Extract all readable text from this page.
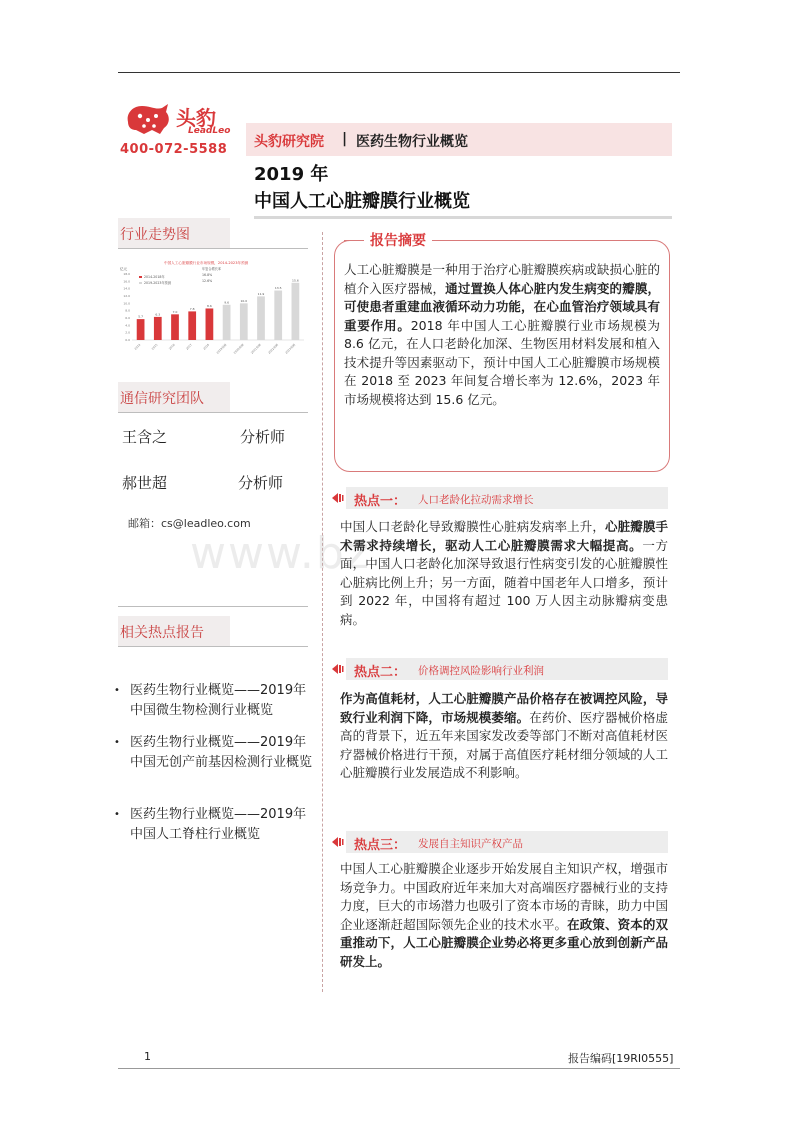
头豹
LeadLeo
400-072-5588 头豹研究院 | 医药生物行业概览
2019 年
中国人工心脏瓣膜行业概览
行业走势图
中国人工心脏瓣膜行业市场规模，2014-2023年预测
亿元
2014-2018年
2019-2023年预测
年复合增长率
16.8%
12.6%
0.0
2.0
4.0
6.0
8.0
10.0
12.0
14.0
16.0
18.0
5.7
2014
6.3
2015
7.0
2016
7.8
2017
8.6
2018
9.6
2019预测
10.0
2020预测
11.9
2021预测
13.5
2022预测
15.6
2023预测
通信研究团队
王含之	分析师
郝世超	分析师
邮箱：cs@leadleo.com
相关热点报告
• 医药生物行业概览——2019年中国微生物检测行业概览
• 医药生物行业概览——2019年中国无创产前基因检测行业概览
• 医药生物行业概览——2019年中国人工脊柱行业概览
www.bz
报告摘要
人工心脏瓣膜是一种用于治疗心脏瓣膜疾病或缺损心脏的植介入医疗器械，通过置换人体心脏内发生病变的瓣膜，可使患者重建血液循环动力功能，在心血管治疗领域具有重要作用。2018 年中国人工心脏瓣膜行业市场规模为 8.6 亿元，在人口老龄化加深、生物医用材料发展和植入技术提升等因素驱动下，预计中国人工心脏瓣膜市场规模在 2018 至 2023 年间复合增长率为 12.6%，2023 年市场规模将达到 15.6 亿元。
热点一： 人口老龄化拉动需求增长
中国人口老龄化导致瓣膜性心脏病发病率上升，心脏瓣膜手术需求持续增长，驱动人工心脏瓣膜需求大幅提高。一方面，中国人口老龄化加深导致退行性病变引发的心脏瓣膜性心脏病比例上升；另一方面，随着中国老年人口增多，预计到 2022 年，中国将有超过 100 万人因主动脉瓣病变患病。
热点二： 价格调控风险影响行业利润
作为高值耗材，人工心脏瓣膜产品价格存在被调控风险，导致行业利润下降，市场规模萎缩。在药价、医疗器械价格虚高的背景下，近五年来国家发改委等部门不断对高值耗材医疗器械价格进行干预，对属于高值医疗耗材细分领域的人工心脏瓣膜行业发展造成不利影响。
热点三： 发展自主知识产权产品
中国人工心脏瓣膜企业逐步开始发展自主知识产权，增强市场竞争力。中国政府近年来加大对高端医疗器械行业的支持力度，巨大的市场潜力也吸引了资本市场的青睐，助力中国企业逐渐赶超国际领先企业的技术水平。在政策、资本的双重推动下，人工心脏瓣膜企业势必将更多重心放到创新产品研发上。
1	报告编码[19RI0555]
